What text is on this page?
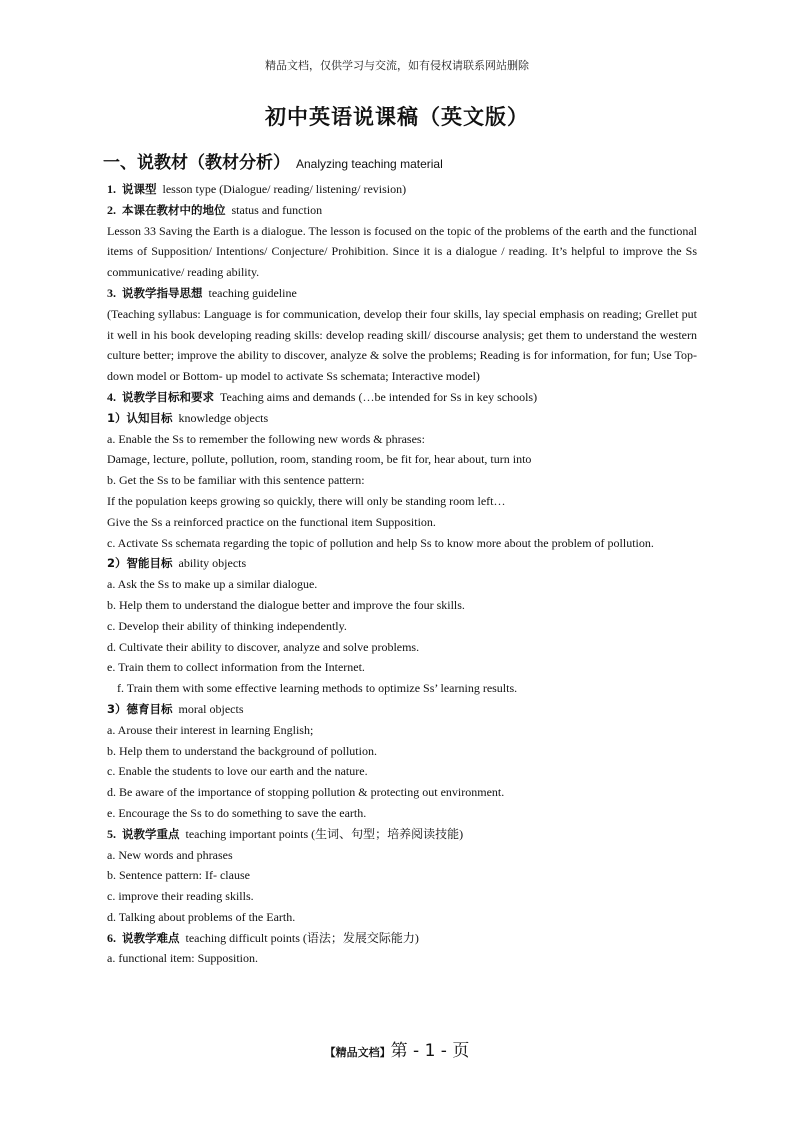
精品文档，仅供学习与交流，如有侵权请联系网站删除
初中英语说课稿（英文版）
一、说教材（教材分析） Analyzing teaching material
1. 说课型 lesson type (Dialogue/ reading/ listening/ revision)
2. 本课在教材中的地位 status and function
Lesson 33 Saving the Earth is a dialogue. The lesson is focused on the topic of the problems of the earth and the functional items of Supposition/ Intentions/ Conjecture/ Prohibition. Since it is a dialogue / reading. It’s helpful to improve the Ss communicative/ reading ability.
3. 说教学指导思想 teaching guideline
(Teaching syllabus: Language is for communication, develop their four skills, lay special emphasis on reading; Grellet put it well in his book developing reading skills: develop reading skill/ discourse analysis; get them to understand the western culture better; improve the ability to discover, analyze & solve the problems; Reading is for information, for fun; Use Top- down model or Bottom- up model to activate Ss schemata; Interactive model)
4. 说教学目标和要求 Teaching aims and demands (…be intended for Ss in key schools)
1）认知目标 knowledge objects
a. Enable the Ss to remember the following new words & phrases:
Damage, lecture, pollute, pollution, room, standing room, be fit for, hear about, turn into
b. Get the Ss to be familiar with this sentence pattern:
If the population keeps growing so quickly, there will only be standing room left…
Give the Ss a reinforced practice on the functional item Supposition.
c. Activate Ss schemata regarding the topic of pollution and help Ss to know more about the problem of pollution.
2）智能目标 ability objects
a. Ask the Ss to make up a similar dialogue.
b. Help them to understand the dialogue better and improve the four skills.
c. Develop their ability of thinking independently.
d. Cultivate their ability to discover, analyze and solve problems.
e. Train them to collect information from the Internet.
f. Train them with some effective learning methods to optimize Ss’ learning results.
3）德育目标 moral objects
a. Arouse their interest in learning English;
b. Help them to understand the background of pollution.
c. Enable the students to love our earth and the nature.
d. Be aware of the importance of stopping pollution & protecting out environment.
e. Encourage the Ss to do something to save the earth.
5. 说教学重点 teaching important points (生词、句型；培养阅读技能)
a. New words and phrases
b. Sentence pattern: If- clause
c. improve their reading skills.
d. Talking about problems of the Earth.
6. 说教学难点 teaching difficult points (语法；发展交际能力)
a. functional item: Supposition.
【精品文档】第 - 1 - 页
